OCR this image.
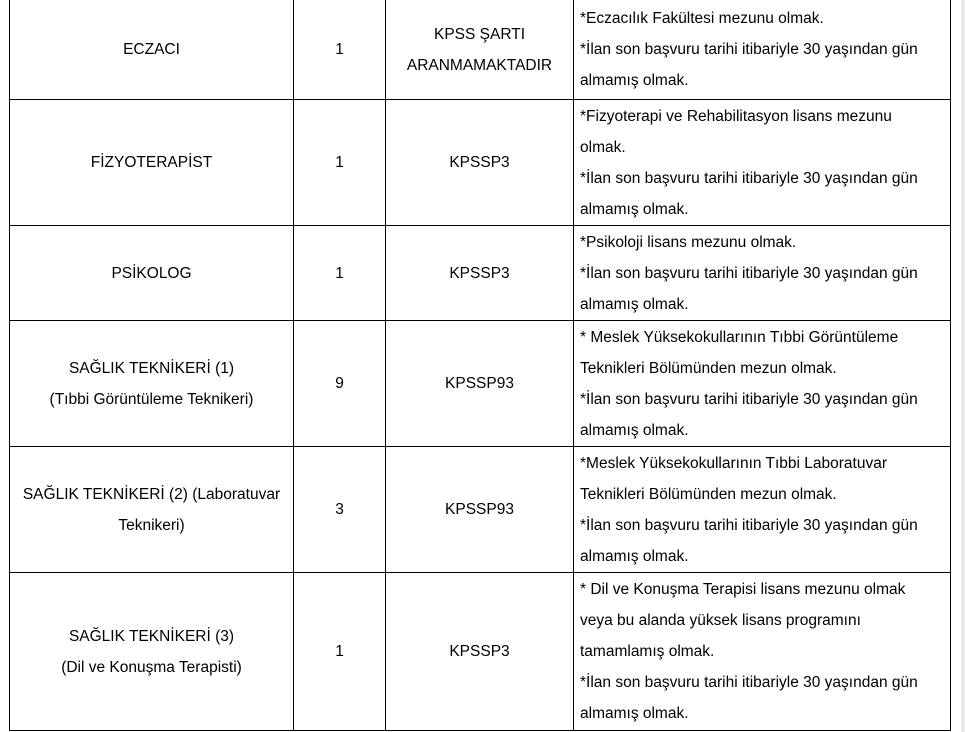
ECZACI	1	KPSS ŞARTI
ARANMAMAKTADIR	*Eczacılık Fakültesi mezunu olmak.
*İlan son başvuru tarihi itibariyle 30 yaşından gün
almamış olmak.

FİZYOTERAPİST	1	KPSSP3	*Fizyoterapi ve Rehabilitasyon lisans mezunu
olmak.
*İlan son başvuru tarihi itibariyle 30 yaşından gün
almamış olmak.

PSİKOLOG	1	KPSSP3	*Psikoloji lisans mezunu olmak.
*İlan son başvuru tarihi itibariyle 30 yaşından gün
almamış olmak.

SAĞLIK TEKNİKERİ (1)
(Tıbbi Görüntüleme Teknikeri)	9	KPSSP93	* Meslek Yüksekokullarının Tıbbi Görüntüleme
Teknikleri Bölümünden mezun olmak.
*İlan son başvuru tarihi itibariyle 30 yaşından gün
almamış olmak.

SAĞLIK TEKNİKERİ (2) (Laboratuvar
Teknikeri)	3	KPSSP93	*Meslek Yüksekokullarının Tıbbi Laboratuvar
Teknikleri Bölümünden mezun olmak.
*İlan son başvuru tarihi itibariyle 30 yaşından gün
almamış olmak.

SAĞLIK TEKNİKERİ (3)
(Dil ve Konuşma Terapisti)	1	KPSSP3	* Dil ve Konuşma Terapisi lisans mezunu olmak
veya bu alanda yüksek lisans programını
tamamlamış olmak.
*İlan son başvuru tarihi itibariyle 30 yaşından gün
almamış olmak.
